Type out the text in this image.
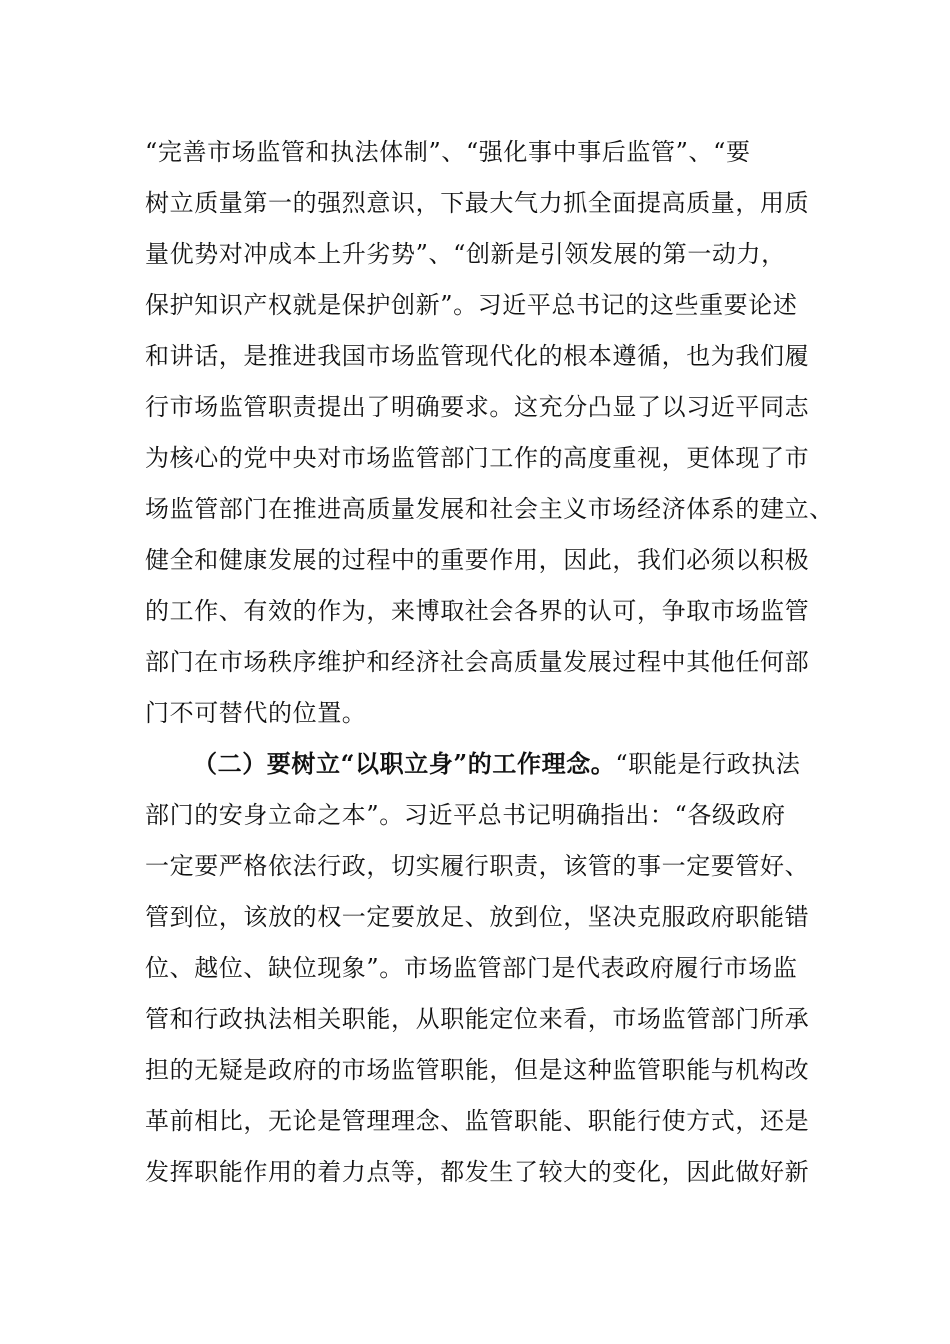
“完善市场监管和执法体制”、“强化事中事后监管”、“要
树立质量第一的强烈意识，下最大气力抓全面提高质量，用质
量优势对冲成本上升劣势”、“创新是引领发展的第一动力，
保护知识产权就是保护创新”。习近平总书记的这些重要论述
和讲话，是推进我国市场监管现代化的根本遵循，也为我们履
行市场监管职责提出了明确要求。这充分凸显了以习近平同志
为核心的党中央对市场监管部门工作的高度重视，更体现了市
场监管部门在推进高质量发展和社会主义市场经济体系的建立、
健全和健康发展的过程中的重要作用，因此，我们必须以积极
的工作、有效的作为，来博取社会各界的认可，争取市场监管
部门在市场秩序维护和经济社会高质量发展过程中其他任何部
门不可替代的位置。
（二）要树立“以职立身”的工作理念。“职能是行政执法
部门的安身立命之本”。习近平总书记明确指出：“各级政府
一定要严格依法行政，切实履行职责，该管的事一定要管好、
管到位，该放的权一定要放足、放到位，坚决克服政府职能错
位、越位、缺位现象”。市场监管部门是代表政府履行市场监
管和行政执法相关职能，从职能定位来看，市场监管部门所承
担的无疑是政府的市场监管职能，但是这种监管职能与机构改
革前相比，无论是管理理念、监管职能、职能行使方式，还是
发挥职能作用的着力点等，都发生了较大的变化，因此做好新
